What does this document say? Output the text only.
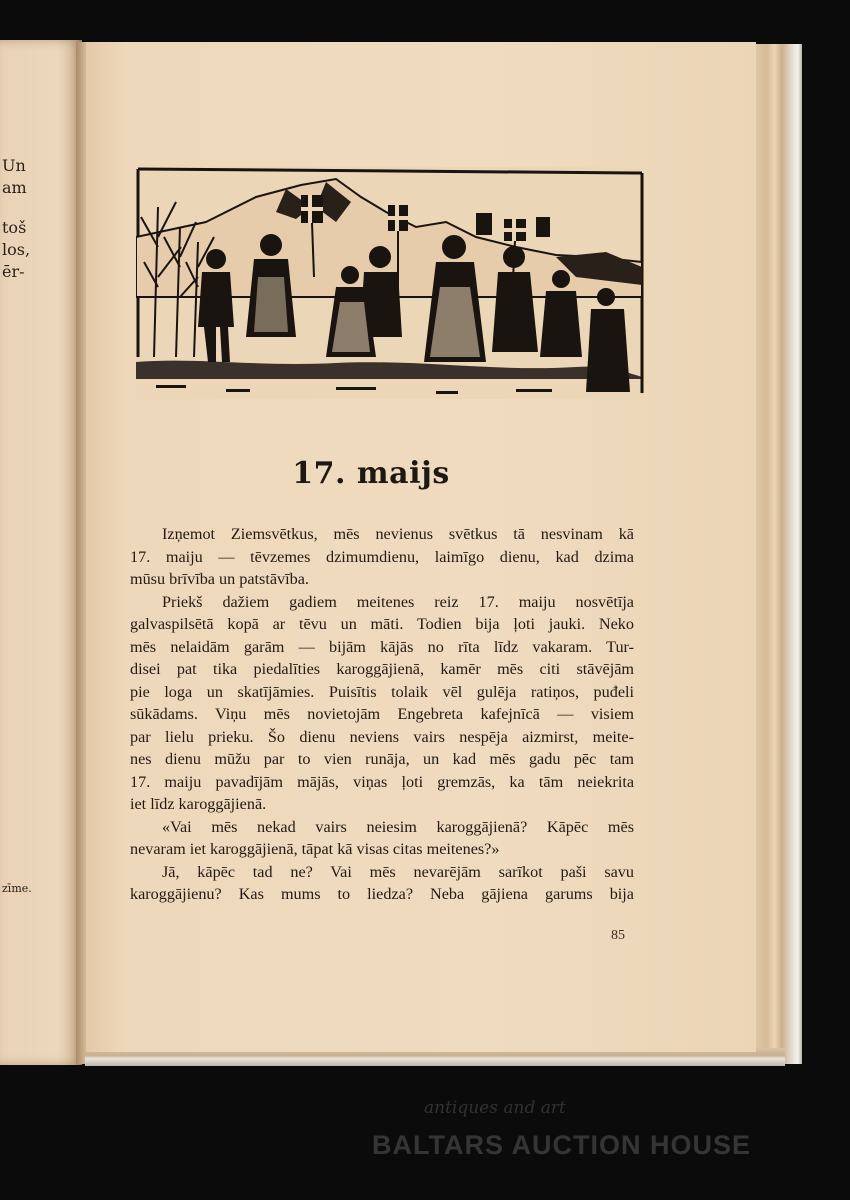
Un
am
toš
los,
ēr-
zīme.
17. maijs
Izņemot Ziemsvētkus, mēs nevienus svētkus tā nesvinam kā
17. maiju — tēvzemes dzimumdienu, laimīgo dienu, kad dzima
mūsu brīvība un patstāvība.
Priekš dažiem gadiem meitenes reiz 17. maiju nosvētīja
galvaspilsētā kopā ar tēvu un māti. Todien bija ļoti jauki. Neko
mēs nelaidām garām — bijām kājās no rīta līdz vakaram. Tur-
disei pat tika piedalīties karoggājienā, kamēr mēs citi stāvējām
pie loga un skatījāmies. Puisītis tolaik vēl gulēja ratiņos, puđeli
sūkādams. Viņu mēs novietojām Engebreta kafejnīcā — visiem
par lielu prieku. Šo dienu neviens vairs nespēja aizmirst, meite-
nes dienu mūžu par to vien runāja, un kad mēs gadu pēc tam
17. maiju pavadījām mājās, viņas ļoti gremzās, ka tām neiekrita
iet līdz karoggājienā.
«Vai mēs nekad vairs neiesim karoggājienā? Kāpēc mēs
nevaram iet karoggājienā, tāpat kā visas citas meitenes?»
Jā, kāpēc tad ne? Vai mēs nevarējām sarīkot paši savu
karoggājienu? Kas mums to liedza? Neba gājiena garums bija
85
antiques and art
BALTARS AUCTION HOUSE
